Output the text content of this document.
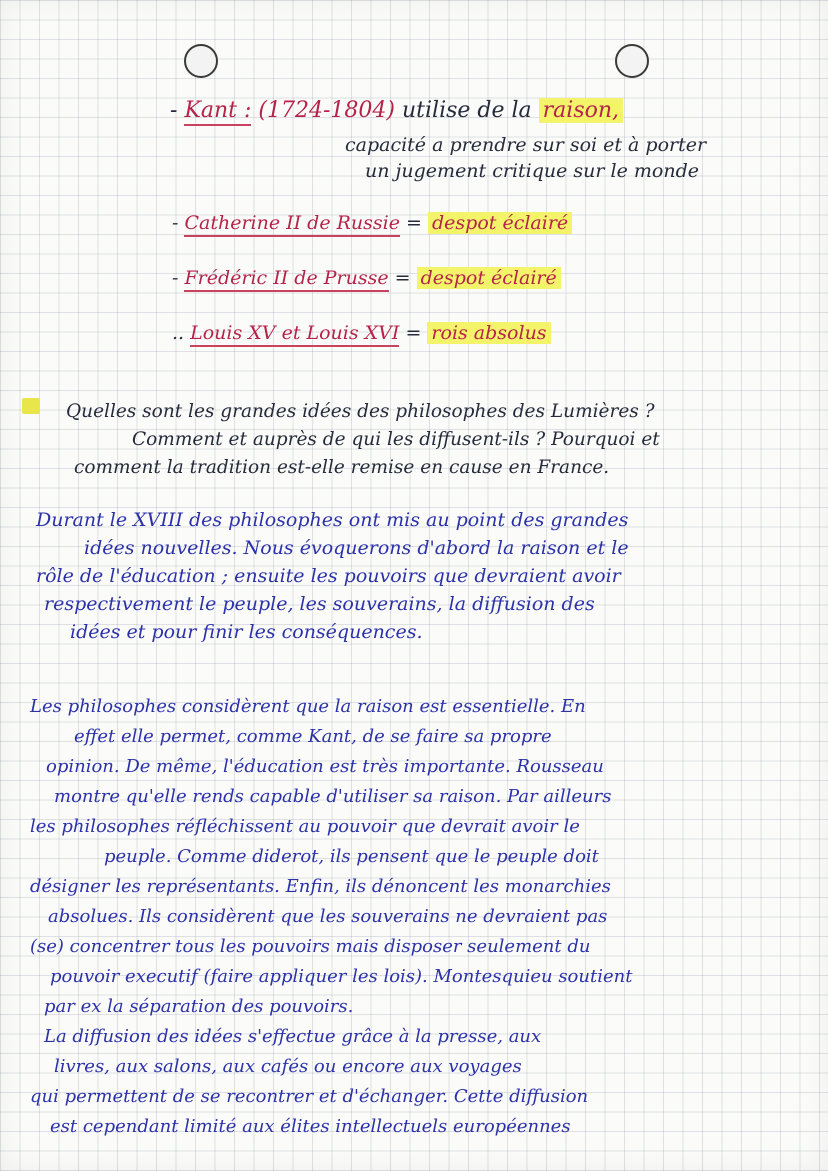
- Kant : (1724-1804) utilise de la raison,
capacité a prendre sur soi et à porter
un jugement critique sur le monde
- Catherine II de Russie = despot éclairé
- Frédéric II de Prusse = despot éclairé
.. Louis XV et Louis XVI = rois absolus
Quelles sont les grandes idées des philosophes des Lumières ?
Comment et auprès de qui les diffusent-ils ? Pourquoi et
comment la tradition est-elle remise en cause en France.
Durant le XVIII des philosophes ont mis au point des grandes
idées nouvelles. Nous évoquerons d'abord la raison et le
rôle de l'éducation ; ensuite les pouvoirs que devraient avoir
respectivement le peuple, les souverains, la diffusion des
idées et pour finir les conséquences.
Les philosophes considèrent que la raison est essentielle. En
effet elle permet, comme Kant, de se faire sa propre
opinion. De même, l'éducation est très importante. Rousseau
montre qu'elle rends capable d'utiliser sa raison. Par ailleurs
les philosophes réfléchissent au pouvoir que devrait avoir le
peuple. Comme diderot, ils pensent que le peuple doit
désigner les représentants. Enfin, ils dénoncent les monarchies
absolues. Ils considèrent que les souverains ne devraient pas
(se) concentrer tous les pouvoirs mais disposer seulement du
pouvoir executif (faire appliquer les lois). Montesquieu soutient
par ex la séparation des pouvoirs.
La diffusion des idées s'effectue grâce à la presse, aux
livres, aux salons, aux cafés ou encore aux voyages
qui permettent de se recontrer et d'échanger. Cette diffusion
est cependant limité aux élites intellectuels européennes
